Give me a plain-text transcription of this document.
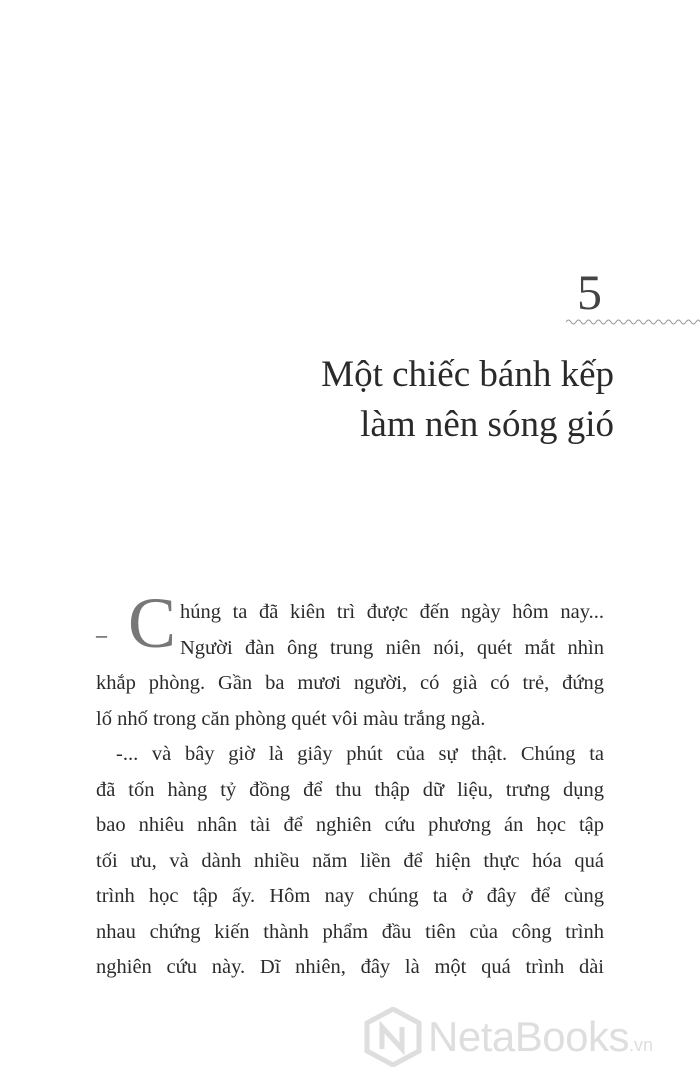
5
Một chiếc bánh kếp
làm nên sóng gió
– C húng ta đã kiên trì được đến ngày hôm nay...
Người đàn ông trung niên nói, quét mắt nhìn
khắp phòng. Gần ba mươi người, có già có trẻ, đứng
lố nhố trong căn phòng quét vôi màu trắng ngà.
-... và bây giờ là giây phút của sự thật. Chúng ta
đã tốn hàng tỷ đồng để thu thập dữ liệu, trưng dụng
bao nhiêu nhân tài để nghiên cứu phương án học tập
tối ưu, và dành nhiều năm liền để hiện thực hóa quá
trình học tập ấy. Hôm nay chúng ta ở đây để cùng
nhau chứng kiến thành phẩm đầu tiên của công trình
nghiên cứu này. Dĩ nhiên, đây là một quá trình dài
NetaBooks.vn
